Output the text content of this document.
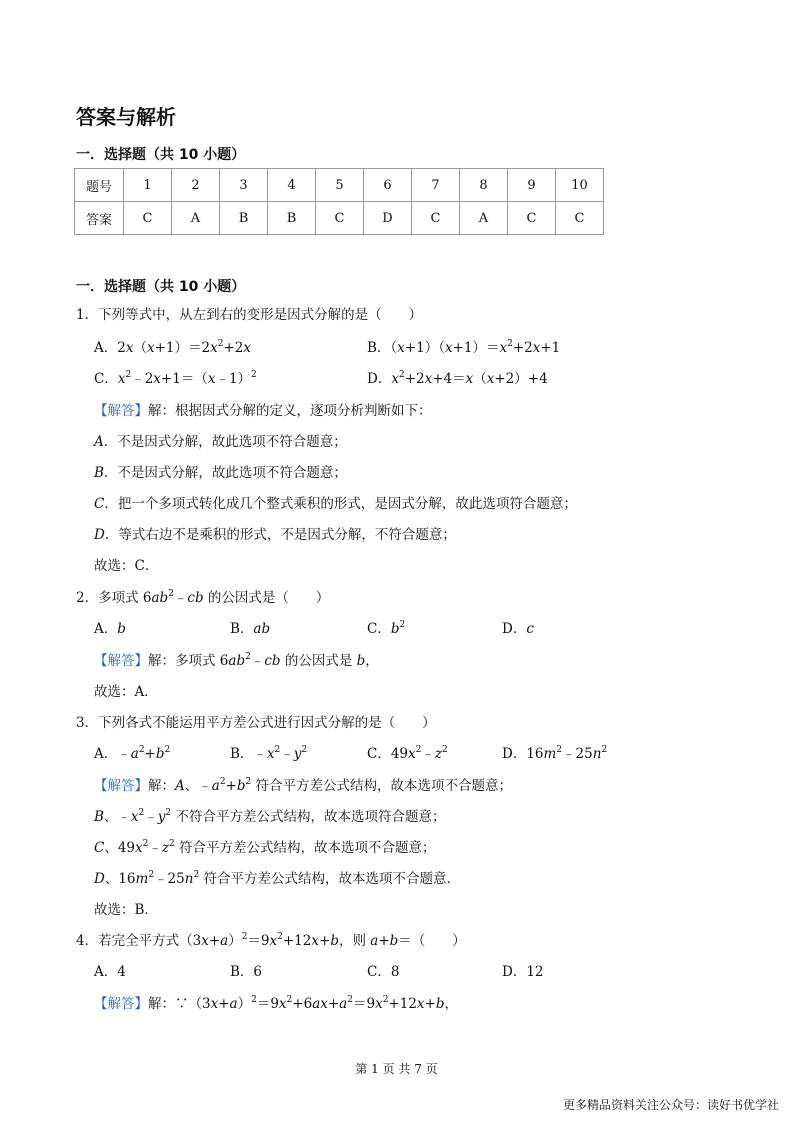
答案与解析
一．选择题（共 10 小题）
题号	1	2	3	4	5	6	7	8	9	10
答案	C	A	B	B	C	D	C	A	C	C
一．选择题（共 10 小题）
1．下列等式中，从左到右的变形是因式分解的是（　　）
A．$2x(x+1)=2x^2+2x$	B．$(x+1)(x+1)=x^2+2x+1$
C．$x^2﹣2x+1=(x﹣1)^2$	D．$x^2+2x+4=x(x+2)+4$
【解答】解：根据因式分解的定义，逐项分析判断如下：
A．不是因式分解，故此选项不符合题意；
B．不是因式分解，故此选项不符合题意；
C．把一个多项式转化成几个整式乘积的形式，是因式分解，故此选项符合题意；
D．等式右边不是乘积的形式，不是因式分解，不符合题意；
故选：C．
2．多项式 $6ab^2﹣cb$ 的公因式是（　　）
A．b	B．ab	C．$b^2$	D．c
【解答】解：多项式 $6ab^2﹣cb$ 的公因式是 b，
故选：A．
3．下列各式不能运用平方差公式进行因式分解的是（　　）
A．$﹣a^2+b^2$	B．$﹣x^2﹣y^2$	C．$49x^2﹣z^2$	D．$16m^2﹣25n^2$
【解答】解：A、$﹣a^2+b^2$ 符合平方差公式结构，故本选项不合题意；
B、$﹣x^2﹣y^2$ 不符合平方差公式结构，故本选项符合题意；
C、$49x^2﹣z^2$ 符合平方差公式结构，故本选项不合题意；
D、$16m^2﹣25n^2$ 符合平方差公式结构，故本选项不合题意．
故选：B．
4．若完全平方式$(3x+a)^2=9x^2+12x+b$，则 a+b＝（　　）
A．4	B．6	C．8	D．12
【解答】解：$\because(3x+a)^2=9x^2+6ax+a^2=9x^2+12x+b$，
第 1 页 共 7 页
更多精品资料关注公众号：读好书优学社
